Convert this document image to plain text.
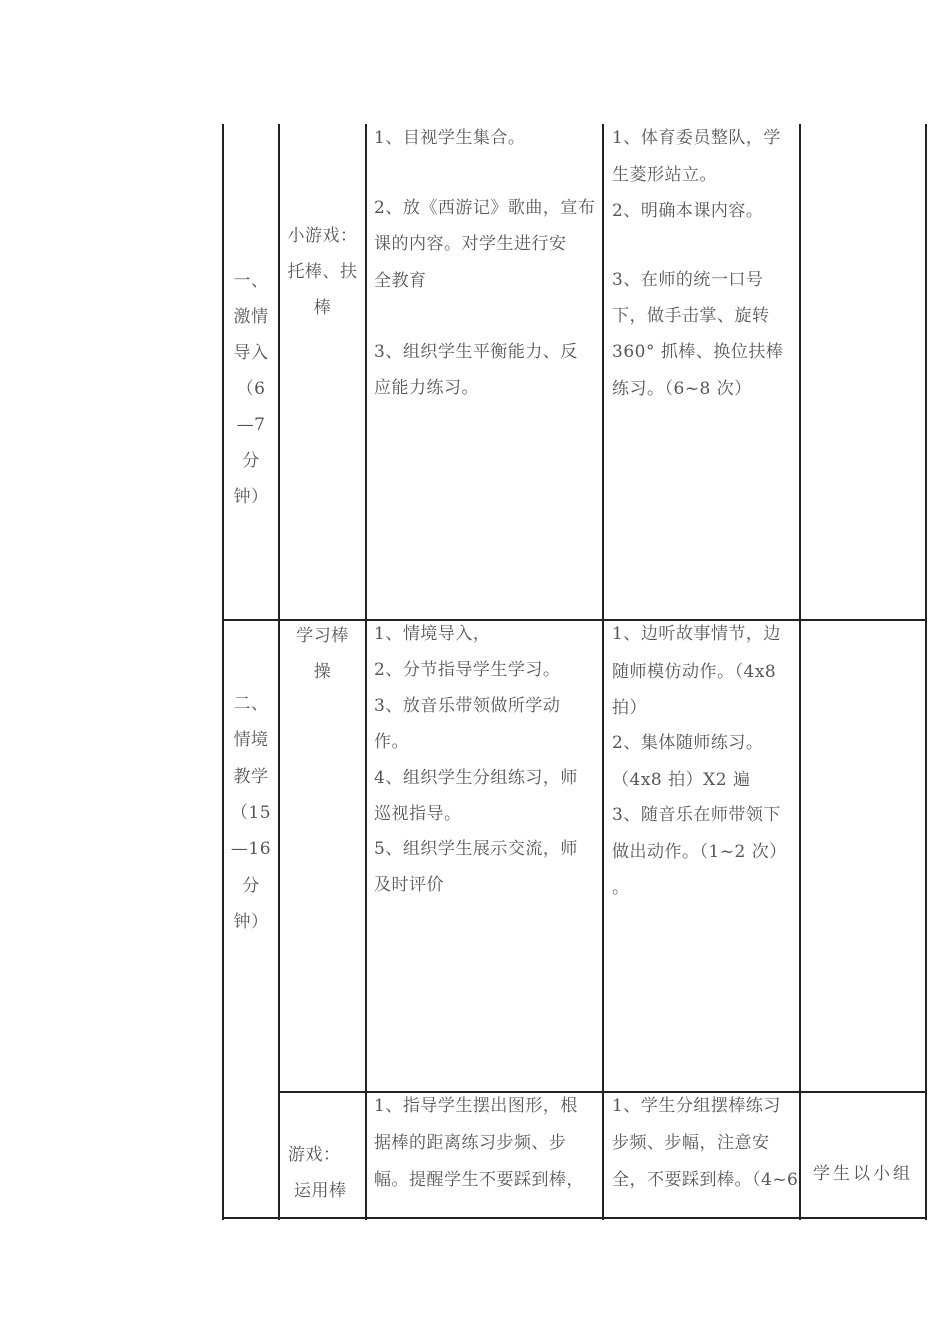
一、
激情
导入
（6
—7
分
钟）
小游戏：
托棒、扶
棒
1、目视学生集合。
2、放《西游记》歌曲，宣布
课的内容。对学生进行安
全教育
3、组织学生平衡能力、反
应能力练习。
1、体育委员整队，学
生菱形站立。
2、明确本课内容。
3、在师的统一口号
下，做手击掌、旋转
360° 抓棒、换位扶棒
练习。（6~8 次）
二、
情境
教学
（15
—16
分
钟）
学习棒
操
1、情境导入，
2、分节指导学生学习。
3、放音乐带领做所学动
作。
4、组织学生分组练习，师
巡视指导。
5、组织学生展示交流，师
及时评价
1、边听故事情节，边
随师模仿动作。（4x8
拍）
2、集体随师练习。
（4x8 拍）X2 遍
3、随音乐在师带领下
做出动作。（1~2 次）
。
游戏：
运用棒
1、指导学生摆出图形，根
据棒的距离练习步频、步
幅。提醒学生不要踩到棒，
1、学生分组摆棒练习
步频、步幅，注意安
全，不要踩到棒。（4~6 学生以小组
